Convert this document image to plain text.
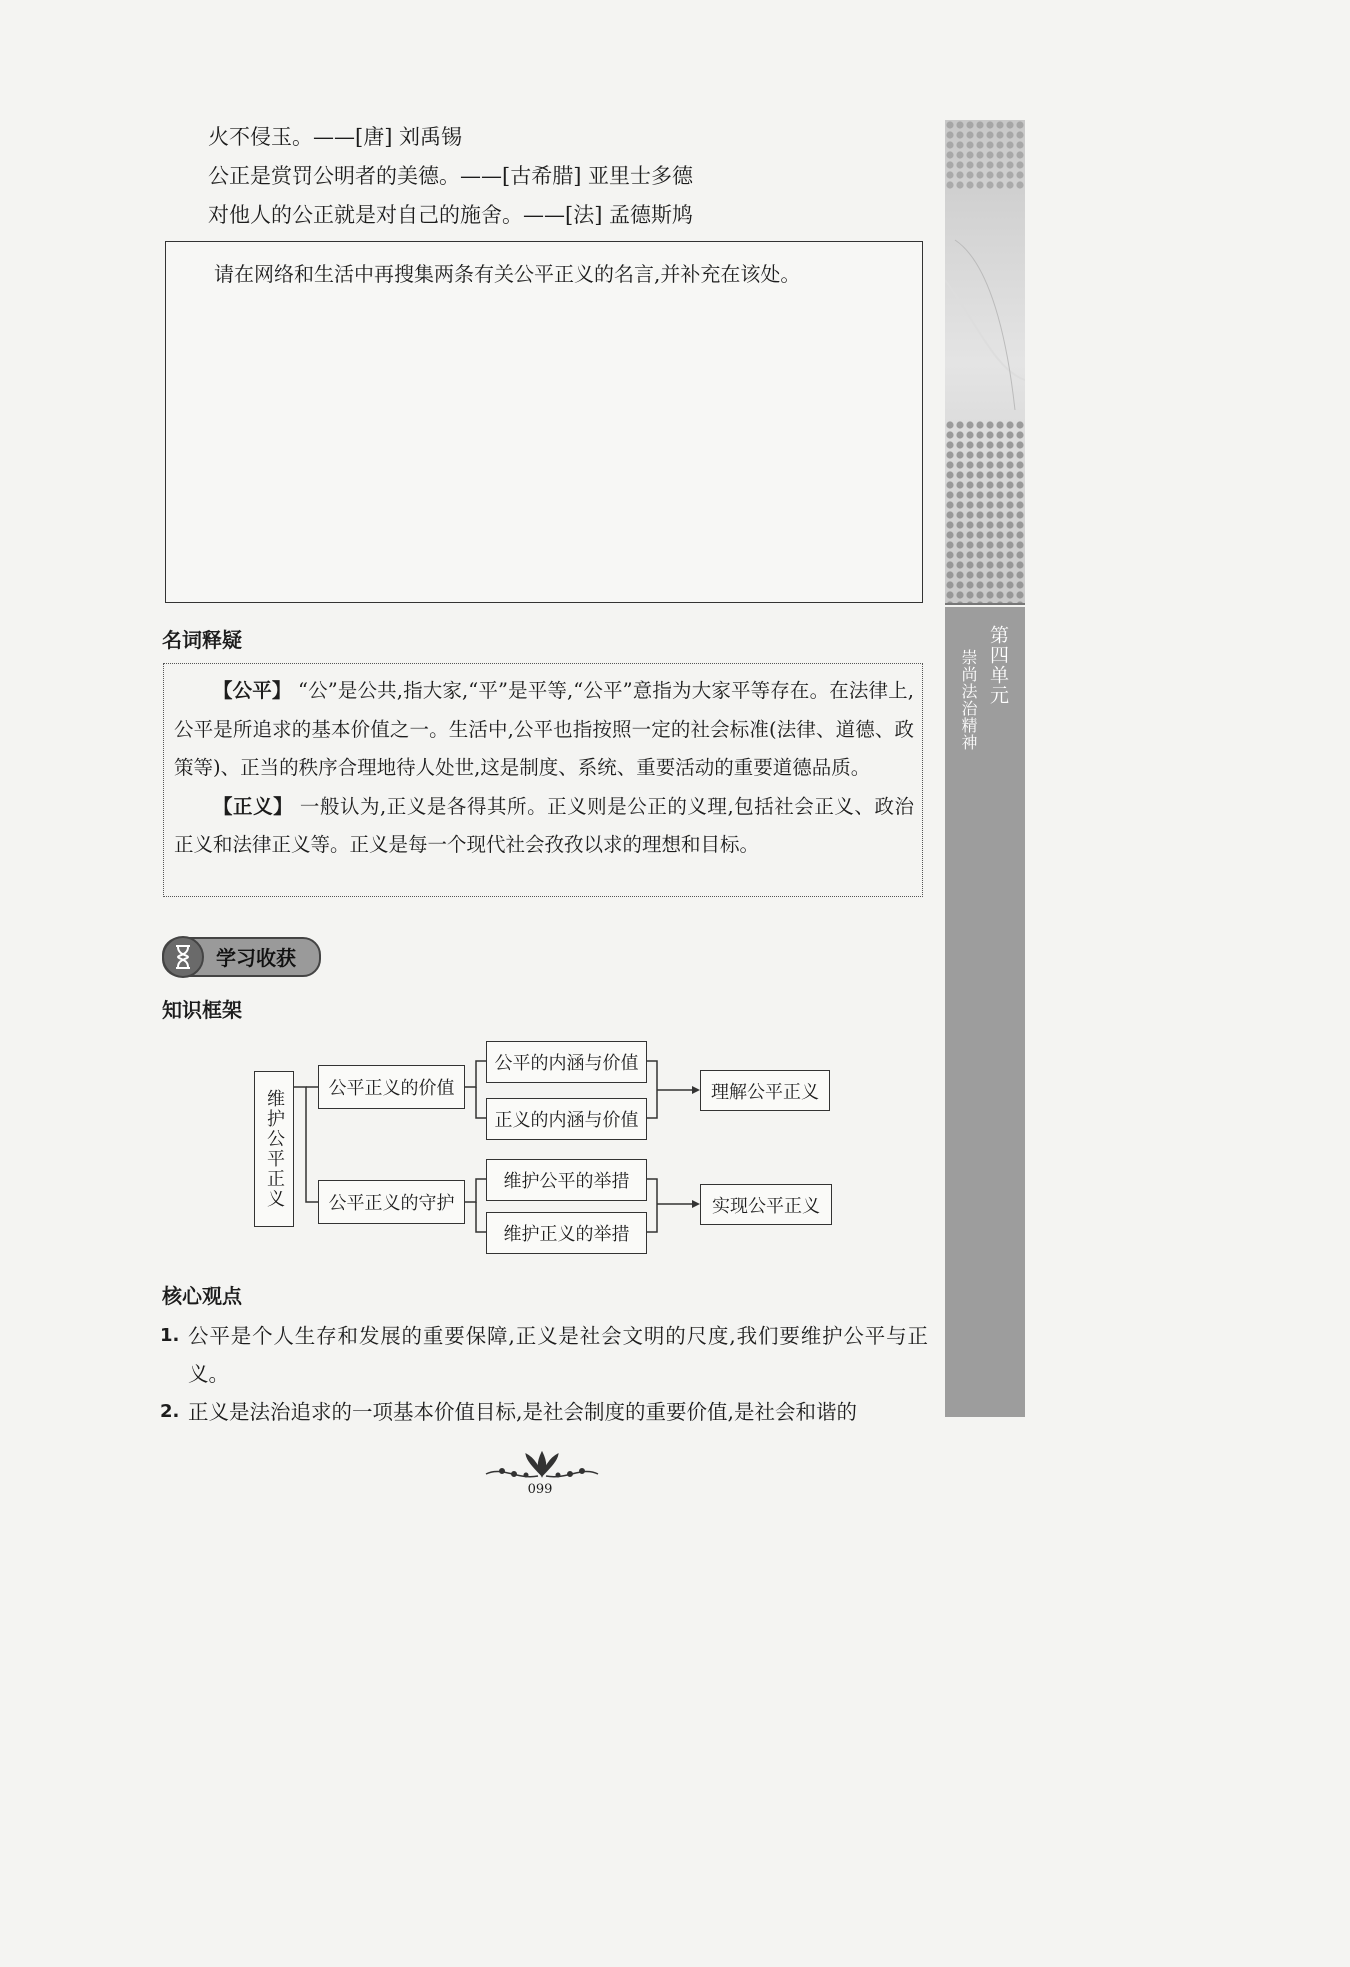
火不侵玉。——[唐] 刘禹锡
公正是赏罚公明者的美德。——[古希腊] 亚里士多德
对他人的公正就是对自己的施舍。——[法] 孟德斯鸠
请在网络和生活中再搜集两条有关公平正义的名言,并补充在该处。
名词释疑

【公平】 “公”是公共,指大家,“平”是平等,“公平”意指为大家平等存在。在法律上,公平是所追求的基本价值之一。生活中,公平也指按照一定的社会标准(法律、道德、政策等)、正当的秩序合理地待人处世,这是制度、系统、重要活动的重要道德品质。

【正义】 一般认为,正义是各得其所。正义则是公正的义理,包括社会正义、政治正义和法律正义等。正义是每一个现代社会孜孜以求的理想和目标。

学习收获
知识框架
维护公平正义
公平正义的价值
公平的内涵与价值
正义的内涵与价值
理解公平正义
公平正义的守护
维护公平的举措
维护正义的举措
实现公平正义
核心观点
1. 公平是个人生存和发展的重要保障,正义是社会文明的尺度,我们要维护公平与正义。
2. 正义是法治追求的一项基本价值目标,是社会制度的重要价值,是社会和谐的
第四单元
崇尚法治精神
099
